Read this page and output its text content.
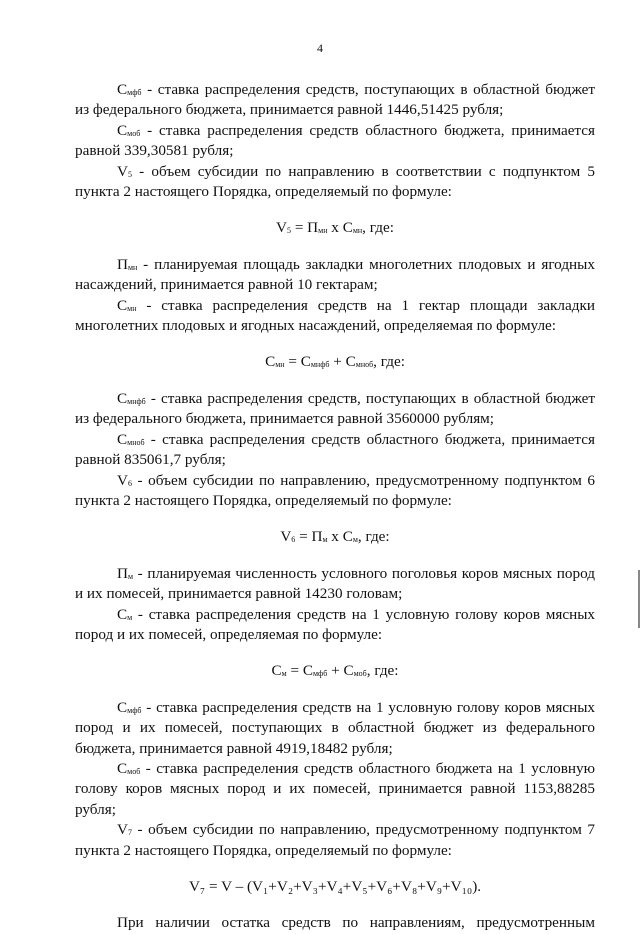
4

$С_{мфб}$ - ставка распределения средств, поступающих в областной бюджет из федерального бюджета, принимается равной 1446,51425 рубля;

$С_{моб}$ - ставка распределения средств областного бюджета, принимается равной 339,30581 рубля;

$V_5$ - объем субсидии по направлению в соответствии с подпунктом 5 пункта 2 настоящего Порядка, определяемый по формуле:

$V_5 = П_{мн}$ х $С_{мн}$, где:

$П_{мн}$ - планируемая площадь закладки многолетних плодовых и ягодных насаждений, принимается равной 10 гектарам;

$С_{мн}$ - ставка распределения средств на 1 гектар площади закладки многолетних плодовых и ягодных насаждений, определяемая по формуле:

$С_{мн} = С_{мнфб} + С_{мноб}$, где:

$С_{мнфб}$ - ставка распределения средств, поступающих в областной бюджет из федерального бюджета, принимается равной 3560000 рублям;

$С_{мноб}$ - ставка распределения средств областного бюджета, принимается равной 835061,7 рубля;

$V_6$ - объем субсидии по направлению, предусмотренному подпунктом 6 пункта 2 настоящего Порядка, определяемый по формуле:

$V_6 = П_м$ х $С_м$, где:

$П_м$ - планируемая численность условного поголовья коров мясных пород и их помесей, принимается равной 14230 головам;

$С_м$ - ставка распределения средств на 1 условную голову коров мясных пород и их помесей, определяемая по формуле:

$С_м = С_{мфб} + С_{моб}$, где:

$С_{мфб}$ - ставка распределения средств на 1 условную голову коров мясных пород и их помесей, поступающих в областной бюджет из федерального бюджета, принимается равной 4919,18482 рубля;

$С_{моб}$ - ставка распределения средств областного бюджета на 1 условную голову коров мясных пород и их помесей, принимается равной 1153,88285 рубля;

$V_7$ - объем субсидии по направлению, предусмотренному подпунктом 7 пункта 2 настоящего Порядка, определяемый по формуле:

V₇ = V – (V₁+V₂+V₃+V₄+V₅+V₆+V₈+V₉+V₁₀).

При наличии остатка средств по направлениям, предусмотренным
